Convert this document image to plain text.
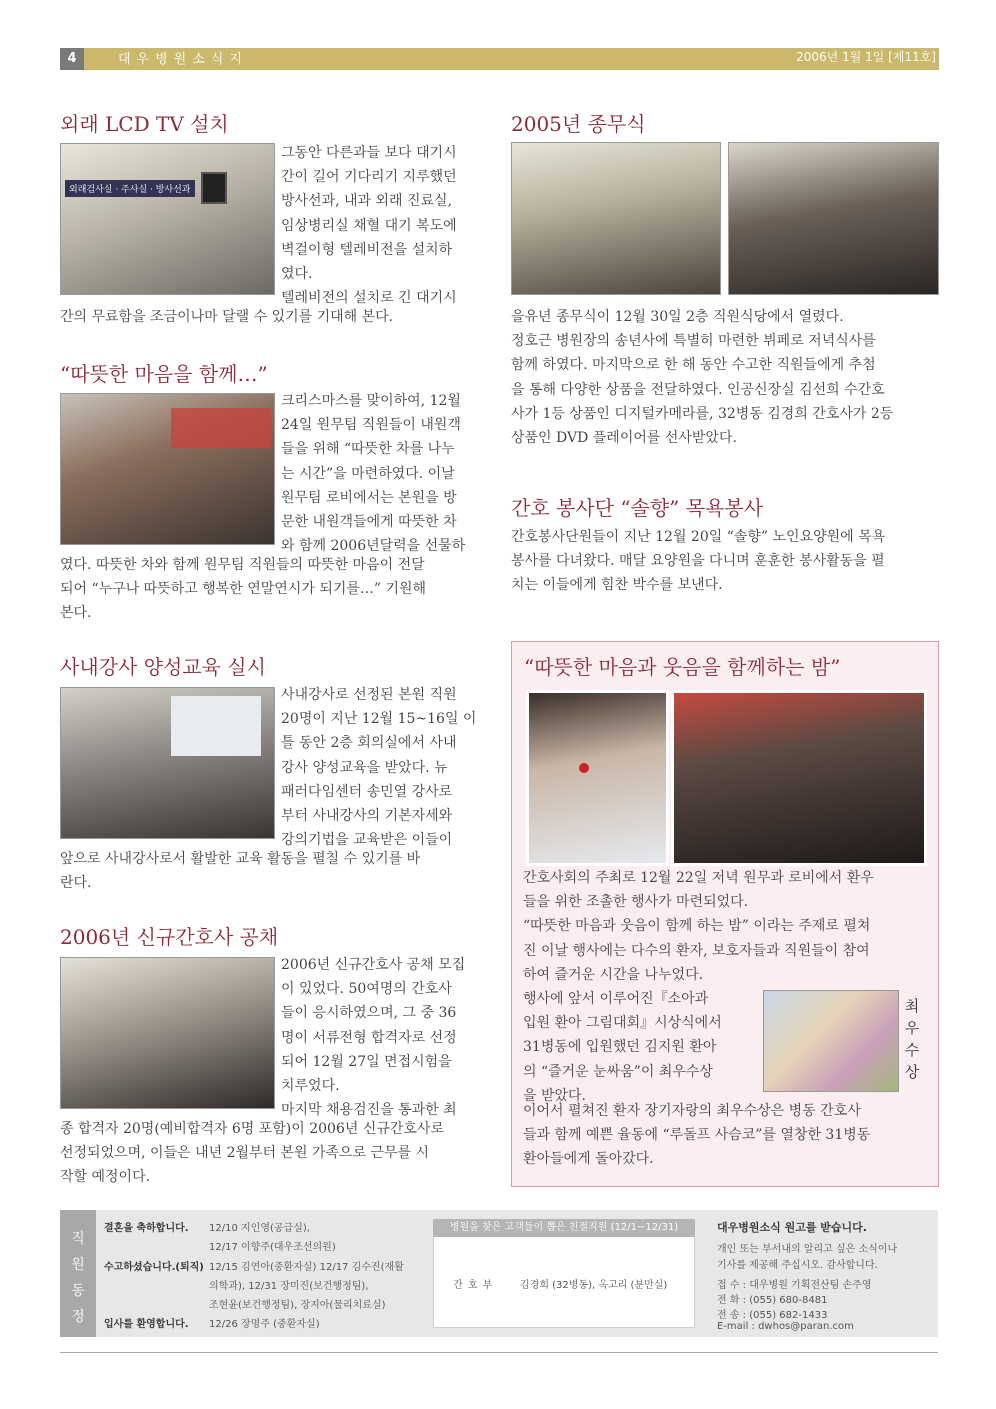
4	대우병원소식지	2006년 1월 1일 [제11호]
외래 LCD TV 설치
외래검사실 · 주사실 · 방사선과
그동안 다른과들 보다 대기시
간이 길어 기다리기 지루했던
방사선과, 내과 외래 진료실,
임상병리실 채혈 대기 복도에
벽걸이형 텔레비전을 설치하
였다.
텔레비전의 설치로 긴 대기시
간의 무료함을 조금이나마 달랠 수 있기를 기대해 본다.
“따뜻한 마음을 함께…”
크리스마스를 맞이하여, 12월
24일 원무팀 직원들이 내원객
들을 위해 “따뜻한 차를 나누
는 시간”을 마련하였다. 이날
원무팀 로비에서는 본원을 방
문한 내원객들에게 따뜻한 차
와 함께 2006년달력을 선물하
였다. 따뜻한 차와 함께 원무팀 직원들의 따뜻한 마음이 전달
되어 “누구나 따뜻하고 행복한 연말연시가 되기를…” 기원해
본다.
사내강사 양성교육 실시
사내강사로 선정된 본원 직원
20명이 지난 12월 15~16일 이
틀 동안 2층 회의실에서 사내
강사 양성교육을 받았다. 뉴
패러다임센터 송민열 강사로
부터 사내강사의 기본자세와
강의기법을 교육받은 이들이
앞으로 사내강사로서 활발한 교육 활동을 펼칠 수 있기를 바
란다.
2006년 신규간호사 공채
2006년 신규간호사 공채 모집
이 있었다. 50여명의 간호사
들이 응시하였으며, 그 중 36
명이 서류전형 합격자로 선정
되어 12월 27일 면접시험을
치루었다.
마지막 채용검진을 통과한 최
종 합격자 20명(예비합격자 6명 포함)이 2006년 신규간호사로
선정되었으며, 이들은 내년 2월부터 본원 가족으로 근무를 시
작할 예정이다.
2005년 종무식
을유년 종무식이 12월 30일 2층 직원식당에서 열렸다.
정호근 병원장의 송년사에 특별히 마련한 뷔페로 저녁식사를
함께 하였다. 마지막으로 한 해 동안 수고한 직원들에게 추첨
을 통해 다양한 상품을 전달하였다. 인공신장실 김선희 수간호
사가 1등 상품인 디지털카메라를, 32병동 김경희 간호사가 2등
상품인 DVD 플레이어를 선사받았다.
간호 봉사단 “솔향” 목욕봉사
간호봉사단원들이 지난 12월 20일 “솔향” 노인요양원에 목욕
봉사를 다녀왔다. 매달 요양원을 다니며 훈훈한 봉사활동을 펼
치는 이들에게 힘찬 박수를 보낸다.
“따뜻한 마음과 웃음을 함께하는 밤”
간호사회의 주최로 12월 22일 저녁 원무과 로비에서 환우
들을 위한 조촐한 행사가 마련되었다.
“따뜻한 마음과 웃음이 함께 하는 밤” 이라는 주제로 펼쳐
진 이날 행사에는 다수의 환자, 보호자들과 직원들이 참여
하여 즐거운 시간을 나누었다.
행사에 앞서 이루어진『소아과
입원 환아 그림대회』시상식에서
31병동에 입원했던 김지원 환아
의 “즐거운 눈싸움”이 최우수상
을 받았다.
최
우
수
상
이어서 펼쳐진 환자 장기자랑의 최우수상은 병동 간호사
들과 함께 예쁜 율동에 “루돌프 사슴코”를 열창한 31병동
환아들에게 돌아갔다.
직
원
동
정
결혼을 축하합니다. 12/10 지인영(공급실),
12/17 이향주(대우조선의원)
수고하셨습니다.(퇴직) 12/15 김연아(중환자실) 12/17 김수진(재활
의학과), 12/31 장미진(보건행정팀),
조현윤(보건행정팀), 장지아(물리치료실)
입사를 환영합니다. 12/26 장명주 (중환자실)
병원을 찾은 고객들이 뽑은 친절직원 (12/1~12/31)
간 호 부	김경희 (32병동), 옥고리 (분만실)
대우병원소식 원고를 받습니다.
개인 또는 부서내의 알리고 싶은 소식이나
기사를 제공해 주십시오. 감사합니다.
접 수 : 대우병원 기획전산팀 손주영
전 화 : (055) 680-8481
전 송 : (055) 682-1433
E-mail : dwhos@paran.com
